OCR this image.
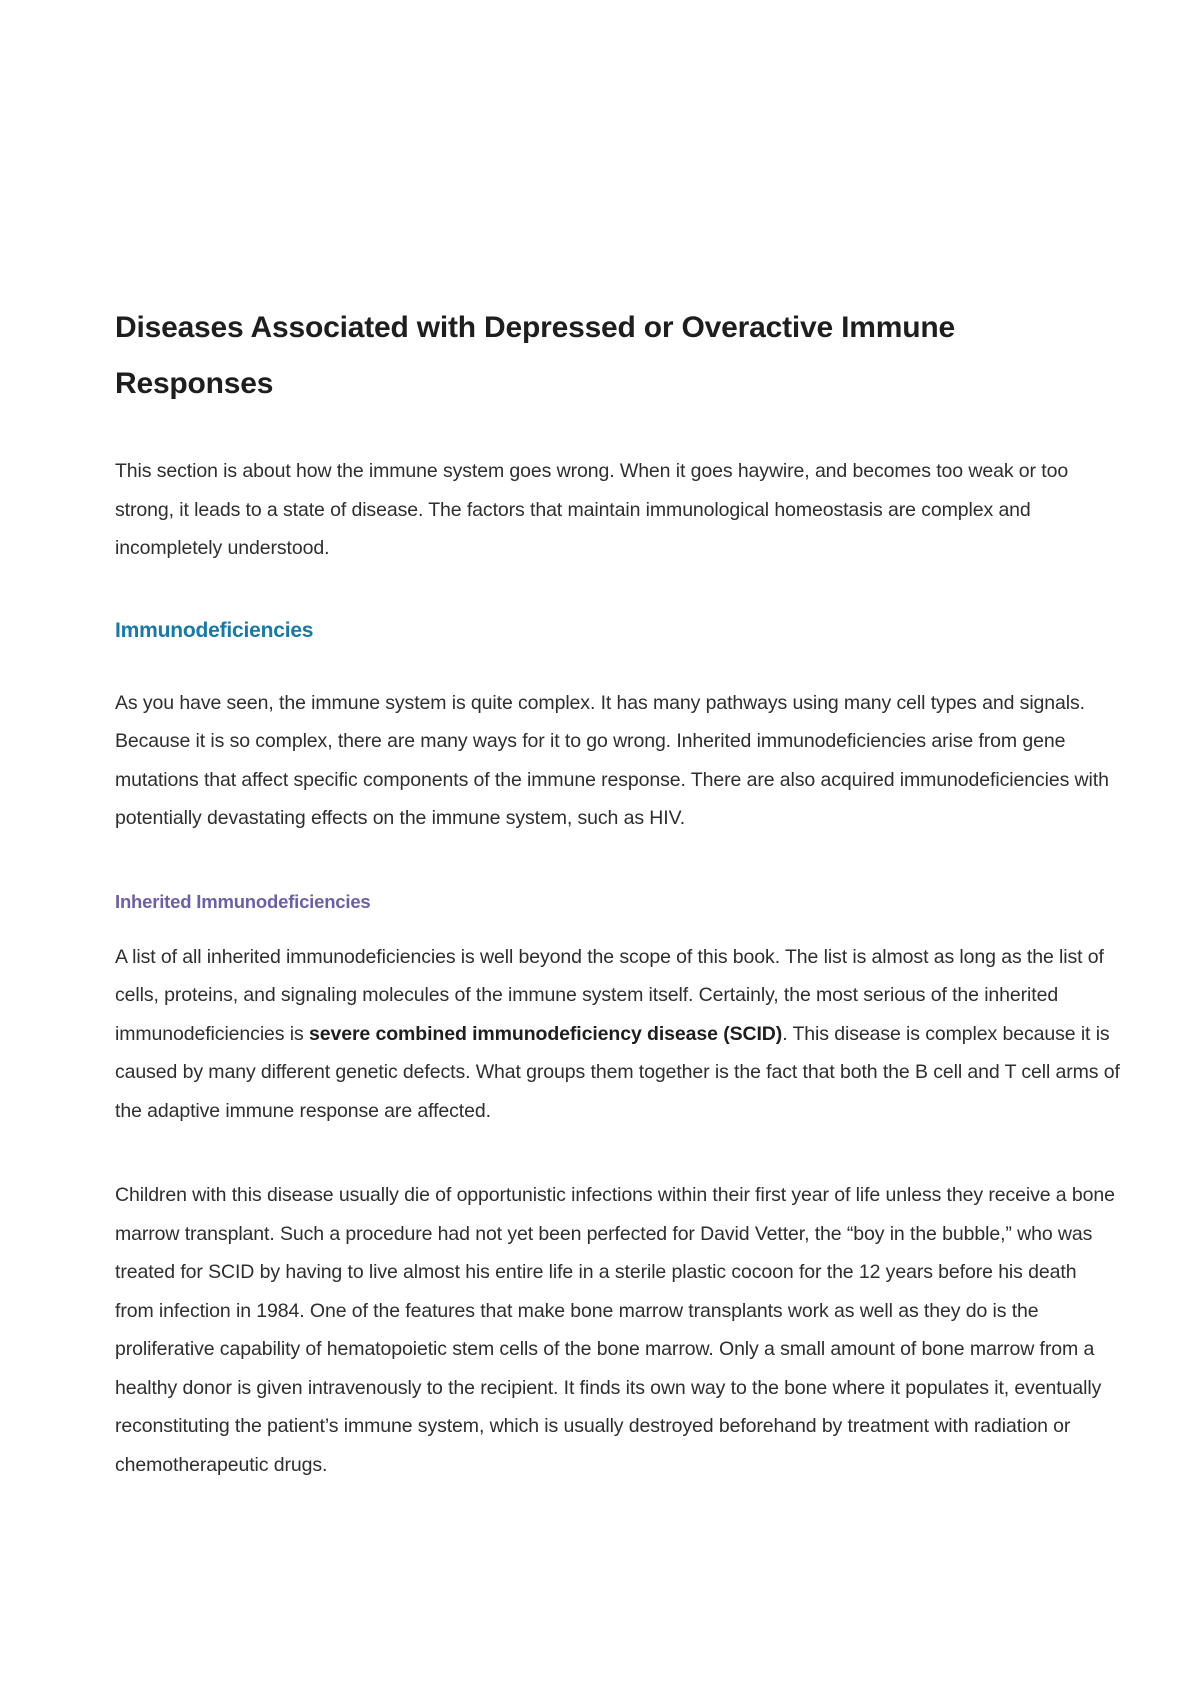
Diseases Associated with Depressed or Overactive Immune Responses

This section is about how the immune system goes wrong. When it goes haywire, and becomes too weak or too strong, it leads to a state of disease. The factors that maintain immunological homeostasis are complex and incompletely understood.

Immunodeficiencies

As you have seen, the immune system is quite complex. It has many pathways using many cell types and signals. Because it is so complex, there are many ways for it to go wrong. Inherited immunodeficiencies arise from gene mutations that affect specific components of the immune response. There are also acquired immunodeficiencies with potentially devastating effects on the immune system, such as HIV.

Inherited Immunodeficiencies

A list of all inherited immunodeficiencies is well beyond the scope of this book. The list is almost as long as the list of cells, proteins, and signaling molecules of the immune system itself. Certainly, the most serious of the inherited immunodeficiencies is severe combined immunodeficiency disease (SCID). This disease is complex because it is caused by many different genetic defects. What groups them together is the fact that both the B cell and T cell arms of the adaptive immune response are affected.

Children with this disease usually die of opportunistic infections within their first year of life unless they receive a bone marrow transplant. Such a procedure had not yet been perfected for David Vetter, the “boy in the bubble,” who was treated for SCID by having to live almost his entire life in a sterile plastic cocoon for the 12 years before his death from infection in 1984. One of the features that make bone marrow transplants work as well as they do is the proliferative capability of hematopoietic stem cells of the bone marrow. Only a small amount of bone marrow from a healthy donor is given intravenously to the recipient. It finds its own way to the bone where it populates it, eventually reconstituting the patient’s immune system, which is usually destroyed beforehand by treatment with radiation or chemotherapeutic drugs.
